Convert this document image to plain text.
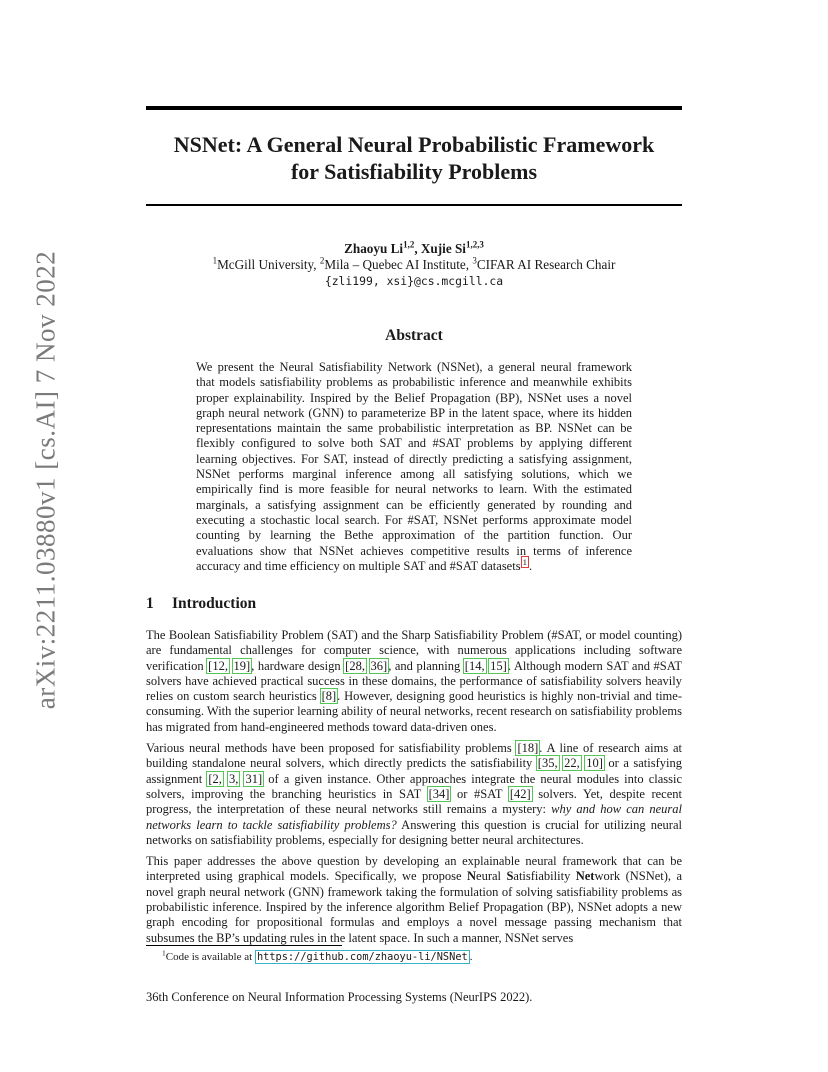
arXiv:2211.03880v1 [cs.AI] 7 Nov 2022
NSNet: A General Neural Probabilistic Framework
for Satisfiability Problems
Zhaoyu Li$^{1,2}$, Xujie Si$^{1,2,3}$
$^1$McGill University, $^2$Mila – Quebec AI Institute, $^3$CIFAR AI Research Chair
{zli199, xsi}@cs.mcgill.ca
Abstract
We present the Neural Satisfiability Network (NSNet), a general neural framework that models satisfiability problems as probabilistic inference and meanwhile exhibits proper explainability. Inspired by the Belief Propagation (BP), NSNet uses a novel graph neural network (GNN) to parameterize BP in the latent space, where its hidden representations maintain the same probabilistic interpretation as BP. NSNet can be flexibly configured to solve both SAT and #SAT problems by applying different learning objectives. For SAT, instead of directly predicting a satisfying assignment, NSNet performs marginal inference among all satisfying solutions, which we empirically find is more feasible for neural networks to learn. With the estimated marginals, a satisfying assignment can be efficiently generated by rounding and executing a stochastic local search. For #SAT, NSNet performs approximate model counting by learning the Bethe approximation of the partition function. Our evaluations show that NSNet achieves competitive results in terms of inference accuracy and time efficiency on multiple SAT and #SAT datasets $^1$ .
1 Introduction

The Boolean Satisfiability Problem (SAT) and the Sharp Satisfiability Problem (#SAT, or model counting) are fundamental challenges for computer science, with numerous applications including software verification [12, 19], hardware design [28, 36], and planning [14, 15]. Although modern SAT and #SAT solvers have achieved practical success in these domains, the performance of satisfiability solvers heavily relies on custom search heuristics [8]. However, designing good heuristics is highly non-trivial and time-consuming. With the superior learning ability of neural networks, recent research on satisfiability problems has migrated from hand-engineered methods toward data-driven ones.

Various neural methods have been proposed for satisfiability problems [18]. A line of research aims at building standalone neural solvers, which directly predicts the satisfiability [35, 22, 10] or a satisfying assignment [2, 3, 31] of a given instance. Other approaches integrate the neural modules into classic solvers, improving the branching heuristics in SAT [34] or #SAT [42] solvers. Yet, despite recent progress, the interpretation of these neural networks still remains a mystery: why and how can neural networks learn to tackle satisfiability problems? Answering this question is crucial for utilizing neural networks on satisfiability problems, especially for designing better neural architectures.

This paper addresses the above question by developing an explainable neural framework that can be interpreted using graphical models. Specifically, we propose Neural Satisfiability Network (NSNet), a novel graph neural network (GNN) framework taking the formulation of solving satisfiability problems as probabilistic inference. Inspired by the inference algorithm Belief Propagation (BP), NSNet adopts a new graph encoding for propositional formulas and employs a novel message passing mechanism that subsumes the BP’s updating rules in the latent space. In such a manner, NSNet serves

$^1$Code is available at https://github.com/zhaoyu-li/NSNet .
36th Conference on Neural Information Processing Systems (NeurIPS 2022).
